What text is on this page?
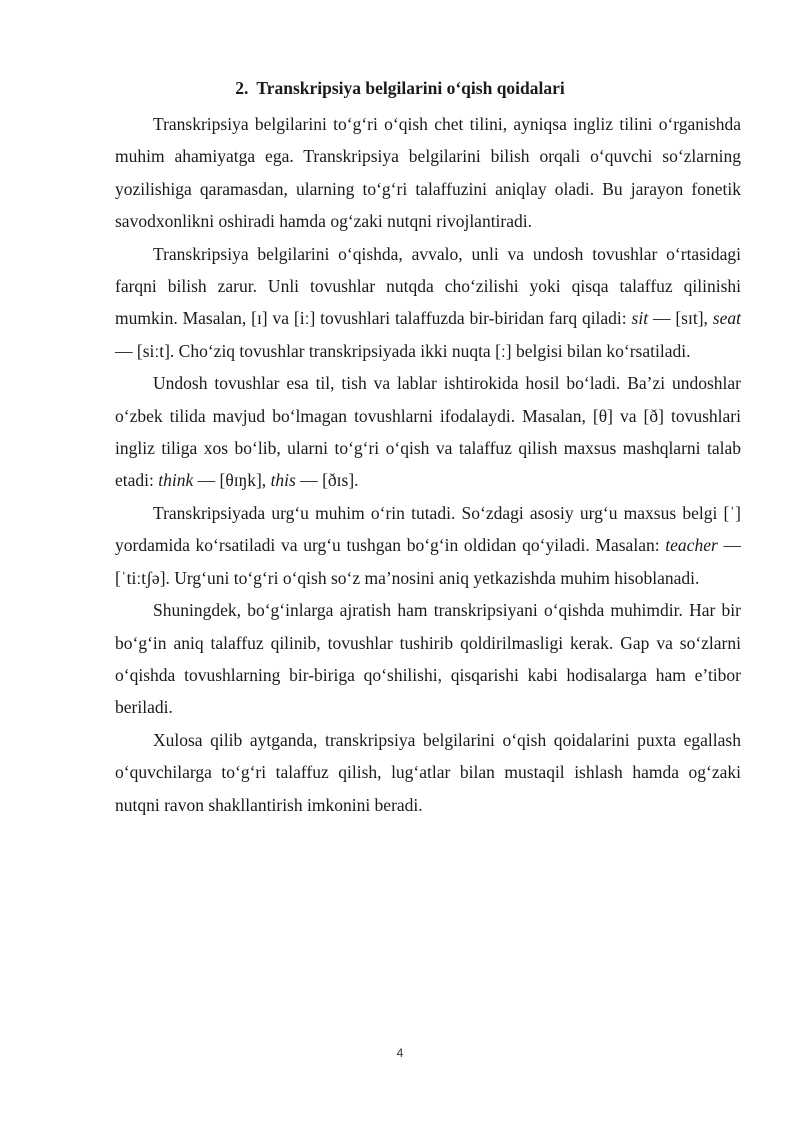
2. Transkripsiya belgilarini o‘qish qoidalari

Transkripsiya belgilarini to‘g‘ri o‘qish chet tilini, ayniqsa ingliz tilini o‘rganishda muhim ahamiyatga ega. Transkripsiya belgilarini bilish orqali o‘quvchi so‘zlarning yozilishiga qaramasdan, ularning to‘g‘ri talaffuzini aniqlay oladi. Bu jarayon fonetik savodxonlikni oshiradi hamda og‘zaki nutqni rivojlantiradi.

Transkripsiya belgilarini o‘qishda, avvalo, unli va undosh tovushlar o‘rtasidagi farqni bilish zarur. Unli tovushlar nutqda cho‘zilishi yoki qisqa talaffuz qilinishi mumkin. Masalan, [ɪ] va [iː] tovushlari talaffuzda bir-biridan farq qiladi: sit — [sɪt], seat — [siːt]. Cho‘ziq tovushlar transkripsiyada ikki nuqta [ː] belgisi bilan ko‘rsatiladi.

Undosh tovushlar esa til, tish va lablar ishtirokida hosil bo‘ladi. Ba’zi undoshlar o‘zbek tilida mavjud bo‘lmagan tovushlarni ifodalaydi. Masalan, [θ] va [ð] tovushlari ingliz tiliga xos bo‘lib, ularni to‘g‘ri o‘qish va talaffuz qilish maxsus mashqlarni talab etadi: think — [θɪŋk], this — [ðɪs].

Transkripsiyada urg‘u muhim o‘rin tutadi. So‘zdagi asosiy urg‘u maxsus belgi [ˈ] yordamida ko‘rsatiladi va urg‘u tushgan bo‘g‘in oldidan qo‘yiladi. Masalan: teacher — [ˈtiːtʃə]. Urg‘uni to‘g‘ri o‘qish so‘z ma’nosini aniq yetkazishda muhim hisoblanadi.

Shuningdek, bo‘g‘inlarga ajratish ham transkripsiyani o‘qishda muhimdir. Har bir bo‘g‘in aniq talaffuz qilinib, tovushlar tushirib qoldirilmasligi kerak. Gap va so‘zlarni o‘qishda tovushlarning bir-biriga qo‘shilishi, qisqarishi kabi hodisalarga ham e’tibor beriladi.

Xulosa qilib aytganda, transkripsiya belgilarini o‘qish qoidalarini puxta egallash o‘quvchilarga to‘g‘ri talaffuz qilish, lug‘atlar bilan mustaqil ishlash hamda og‘zaki nutqni ravon shakllantirish imkonini beradi.

4
